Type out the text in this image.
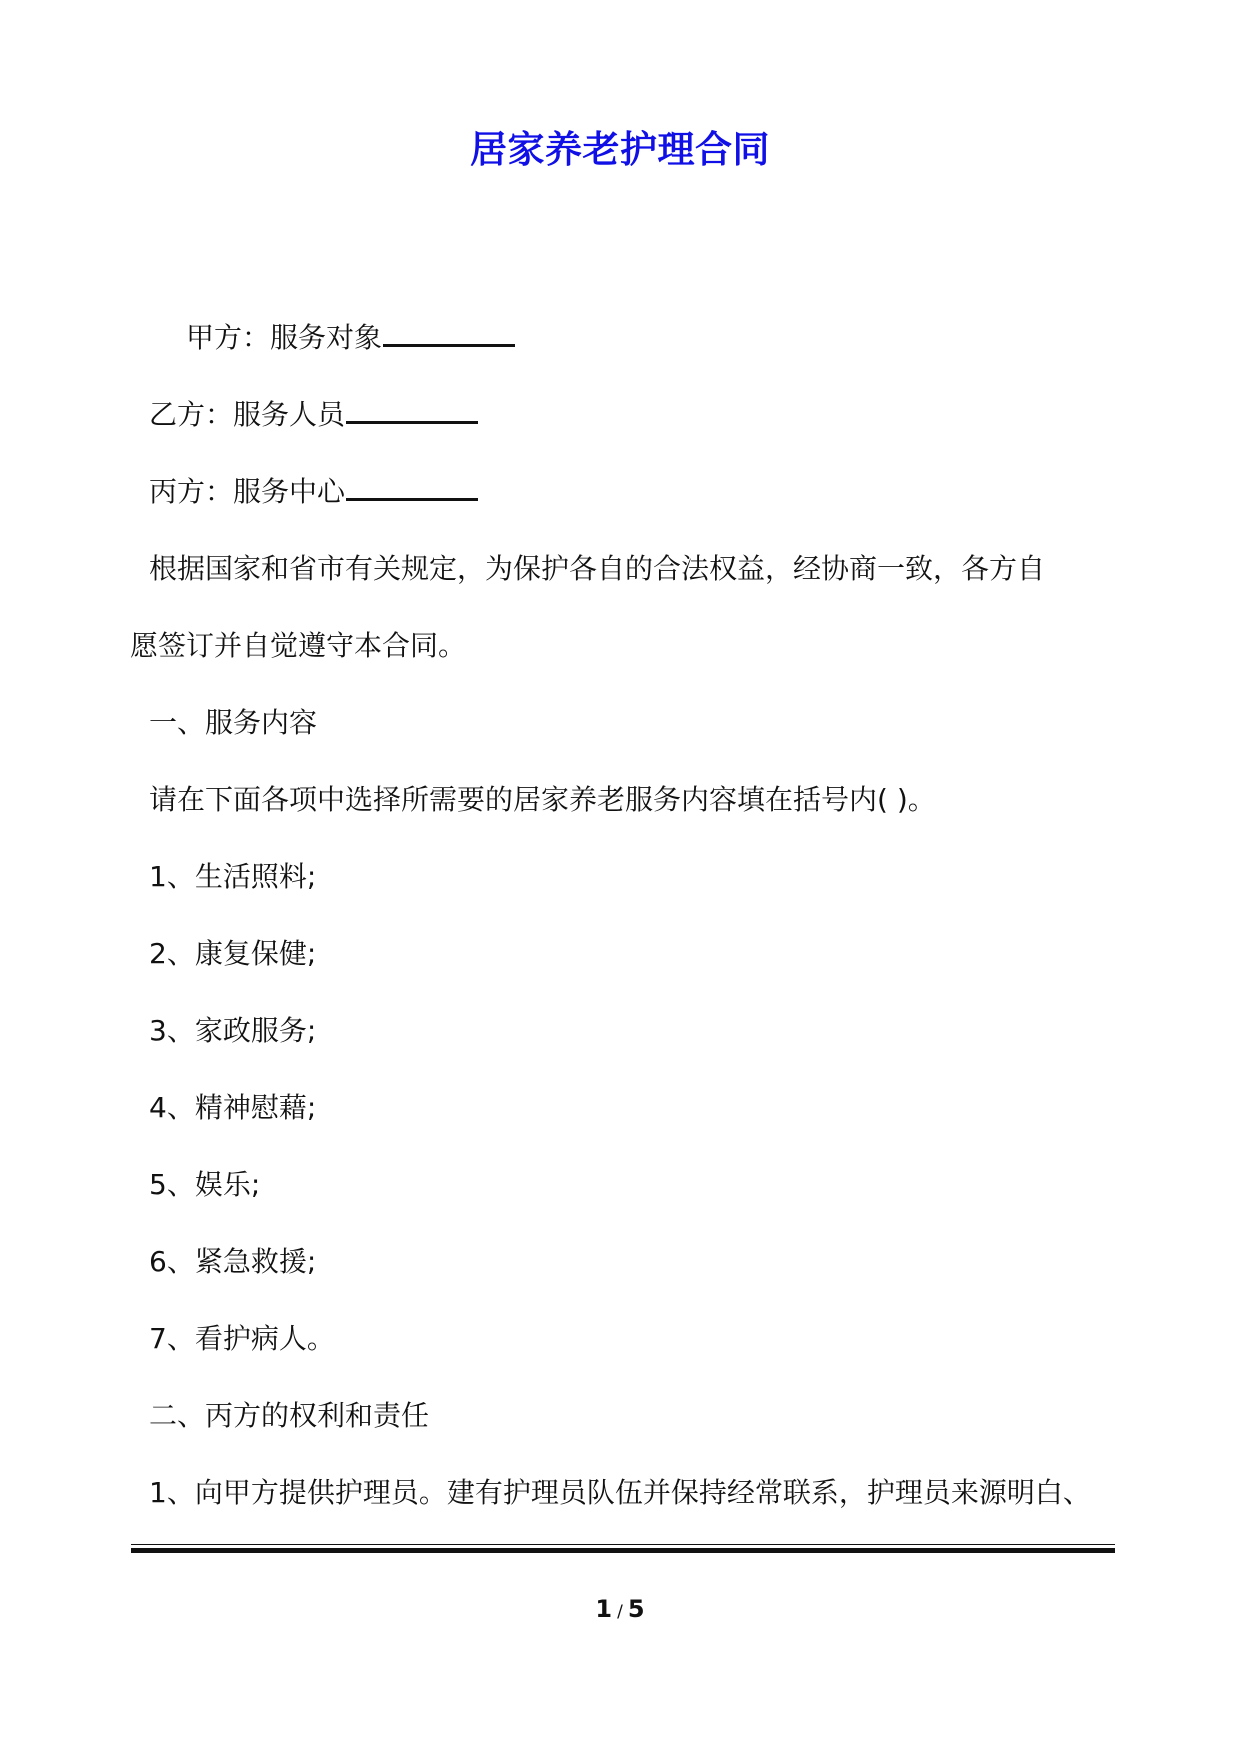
居家养老护理合同
甲方：服务对象
乙方：服务人员
丙方：服务中心
根据国家和省市有关规定，为保护各自的合法权益，经协商一致，各方自
愿签订并自觉遵守本合同。
一、服务内容
请在下面各项中选择所需要的居家养老服务内容填在括号内( )。
1、生活照料;
2、康复保健;
3、家政服务;
4、精神慰藉;
5、娱乐;
6、紧急救援;
7、看护病人。
二、丙方的权利和责任
1、向甲方提供护理员。建有护理员队伍并保持经常联系，护理员来源明白、
1 / 5
